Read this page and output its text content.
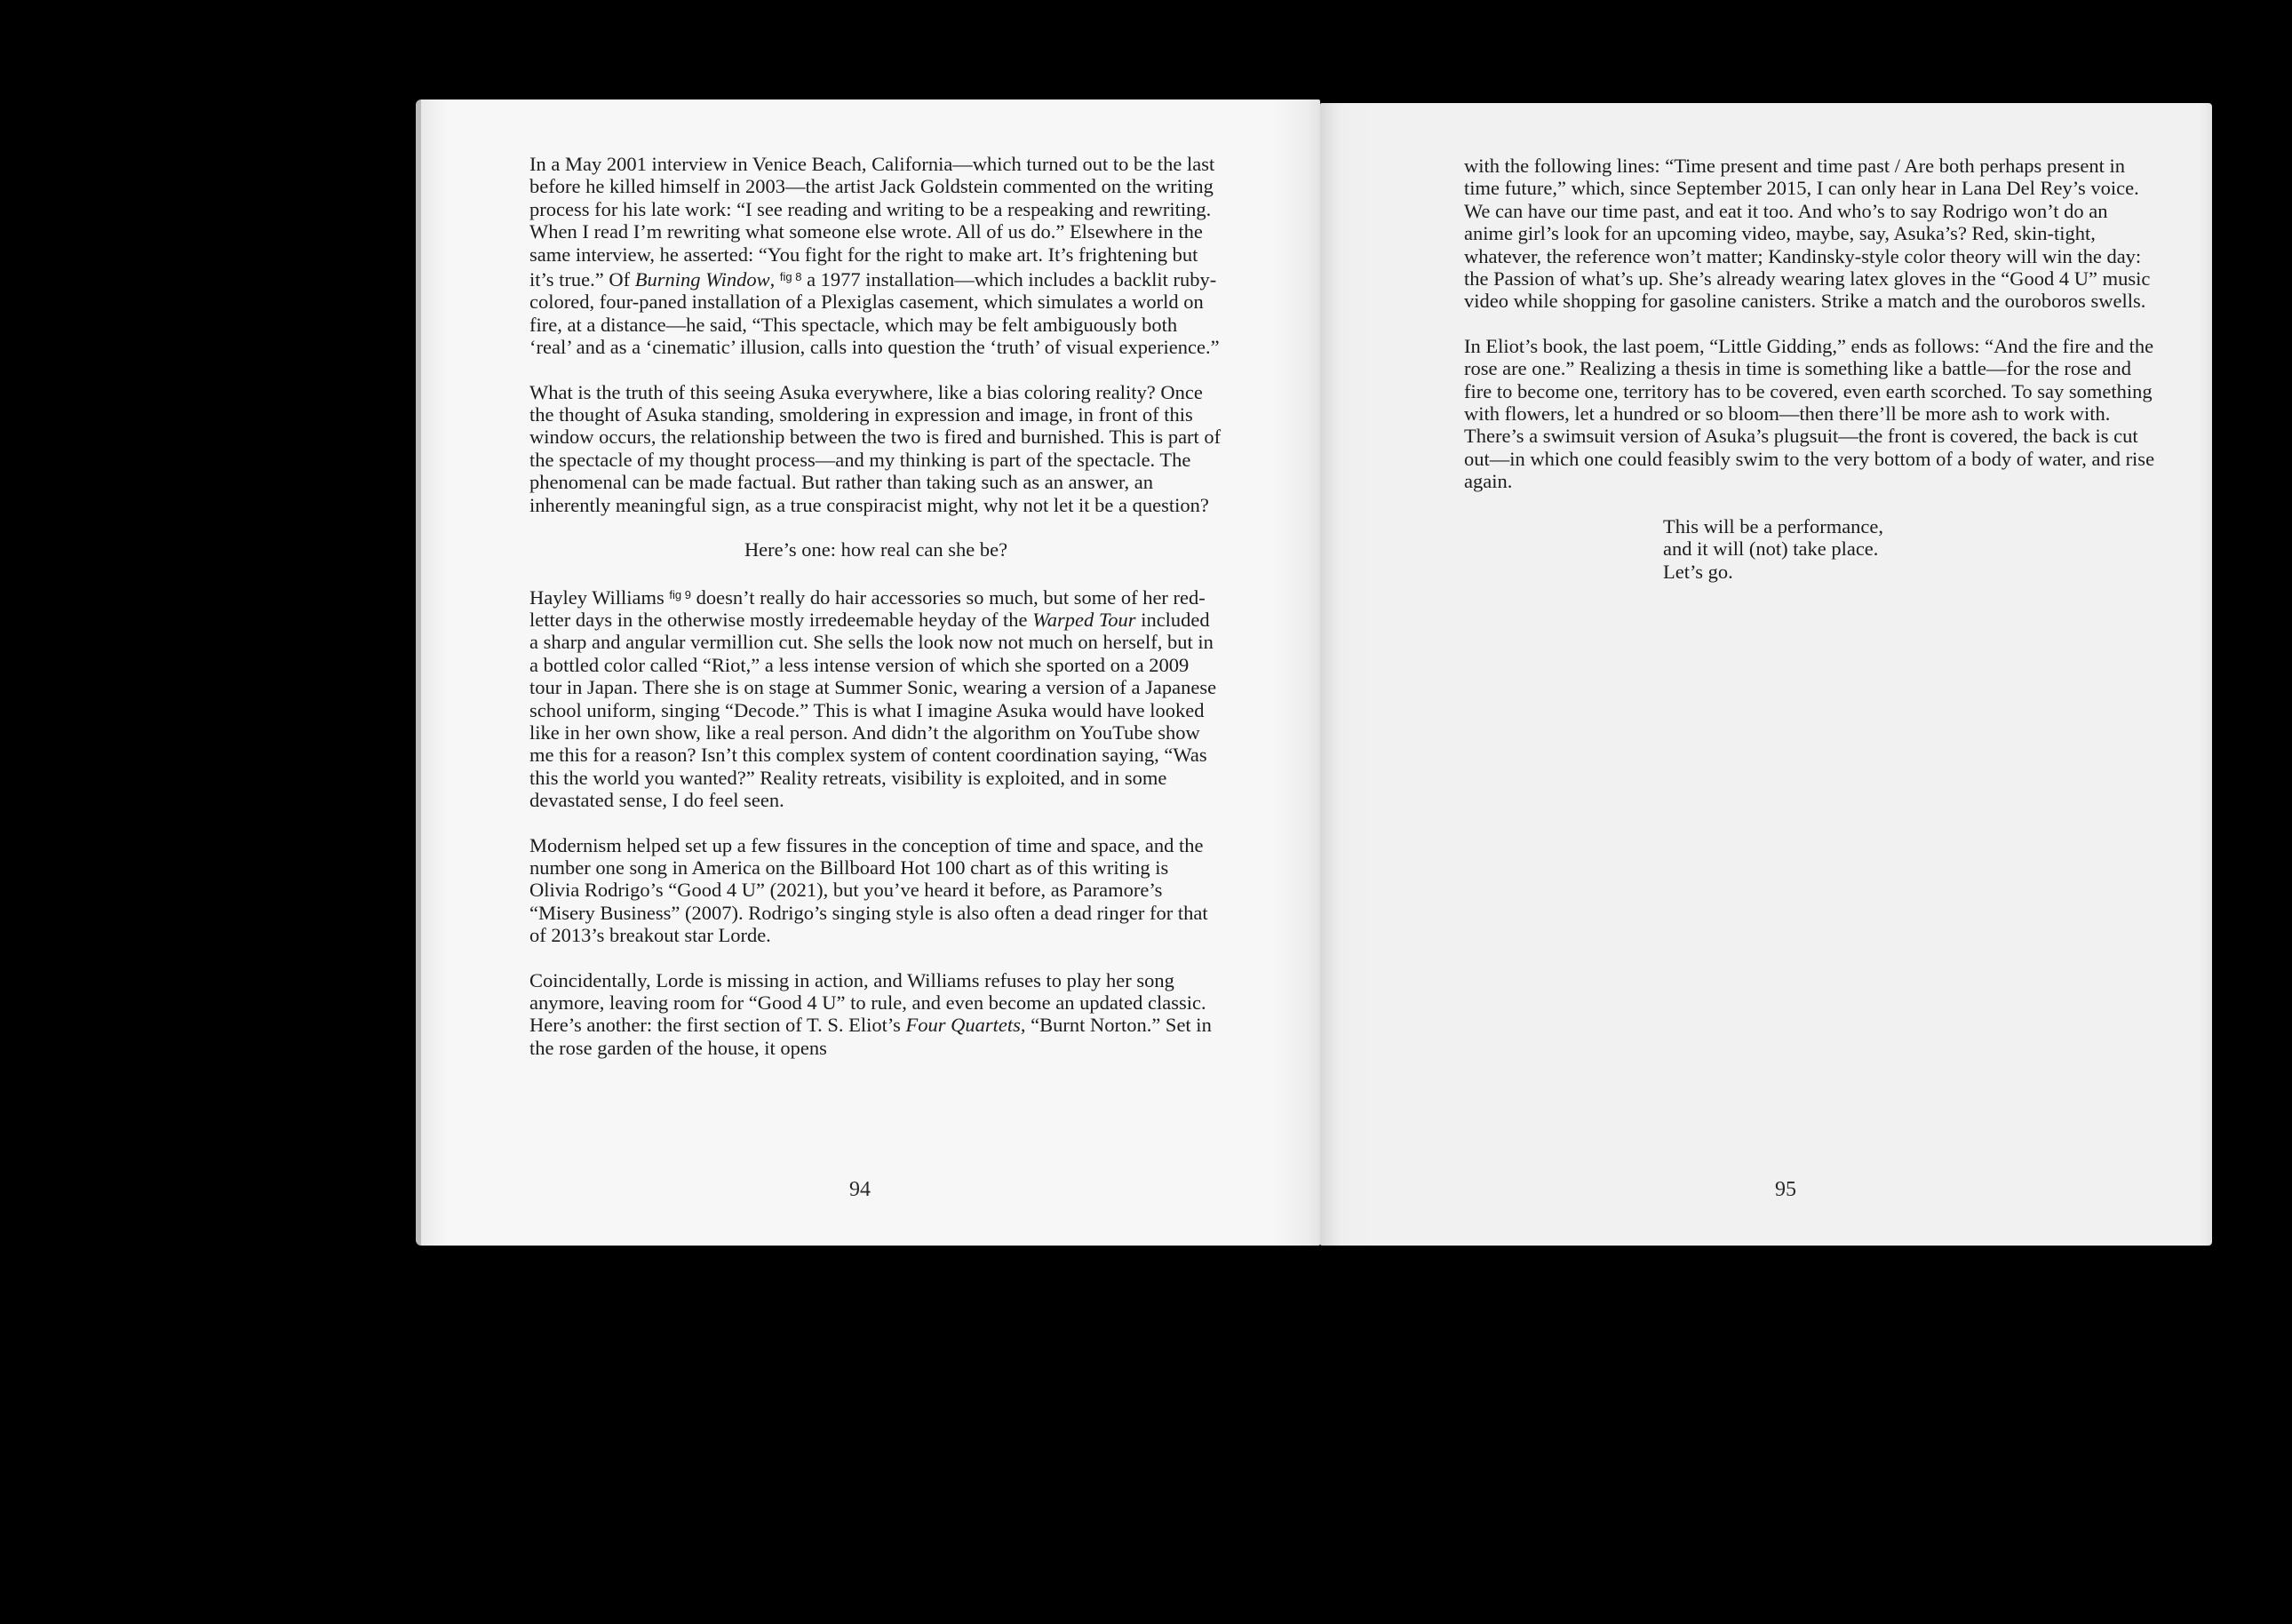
In a May 2001 interview in Venice Beach, California—which turned out to be the last before he killed himself in 2003—the artist Jack Goldstein commented on the writing process for his late work: “I see reading and writing to be a respeaking and rewriting. When I read I’m rewriting what someone else wrote. All of us do.” Elsewhere in the same interview, he asserted: “You fight for the right to make art. It’s frightening but it’s true.” Of Burning Window, $^{fig 8}$ a 1977 installation—which includes a backlit ruby-colored, four-paned installation of a Plexiglas casement, which simulates a world on fire, at a distance—he said, “This spectacle, which may be felt ambiguously both ‘real’ and as a ‘cinematic’ illusion, calls into question the ‘truth’ of visual experience.”

What is the truth of this seeing Asuka everywhere, like a bias coloring reality? Once the thought of Asuka standing, smoldering in expression and image, in front of this window occurs, the relationship between the two is fired and burnished. This is part of the spectacle of my thought process—and my thinking is part of the spectacle. The phenomenal can be made factual. But rather than taking such as an answer, an inherently meaningful sign, as a true conspiracist might, why not let it be a question?

Here’s one: how real can she be?

Hayley Williams $^{fig 9}$ doesn’t really do hair accessories so much, but some of her red-letter days in the otherwise mostly irredeemable heyday of the Warped Tour included a sharp and angular vermillion cut. She sells the look now not much on herself, but in a bottled color called “Riot,” a less intense version of which she sported on a 2009 tour in Japan. There she is on stage at Summer Sonic, wearing a version of a Japanese school uniform, singing “Decode.” This is what I imagine Asuka would have looked like in her own show, like a real person. And didn’t the algorithm on YouTube show me this for a reason? Isn’t this complex system of content coordination saying, “Was this the world you wanted?” Reality retreats, visibility is exploited, and in some devastated sense, I do feel seen.

Modernism helped set up a few fissures in the conception of time and space, and the number one song in America on the Billboard Hot 100 chart as of this writing is Olivia Rodrigo’s “Good 4 U” (2021), but you’ve heard it before, as Paramore’s “Misery Business” (2007). Rodrigo’s singing style is also often a dead ringer for that of 2013’s breakout star Lorde.

Coincidentally, Lorde is missing in action, and Williams refuses to play her song anymore, leaving room for “Good 4 U” to rule, and even become an updated classic. Here’s another: the first section of T. S. Eliot’s Four Quartets, “Burnt Norton.” Set in the rose garden of the house, it opens

94

with the following lines: “Time present and time past / Are both perhaps present in time future,” which, since September 2015, I can only hear in Lana Del Rey’s voice. We can have our time past, and eat it too. And who’s to say Rodrigo won’t do an anime girl’s look for an upcoming video, maybe, say, Asuka’s? Red, skin-tight, whatever, the reference won’t matter; Kandinsky-style color theory will win the day: the Passion of what’s up. She’s already wearing latex gloves in the “Good 4 U” music video while shopping for gasoline canisters. Strike a match and the ouroboros swells.

In Eliot’s book, the last poem, “Little Gidding,” ends as follows: “And the fire and the rose are one.” Realizing a thesis in time is something like a battle—for the rose and fire to become one, territory has to be covered, even earth scorched. To say something with flowers, let a hundred or so bloom—then there’ll be more ash to work with. There’s a swimsuit version of Asuka’s plugsuit—the front is covered, the back is cut out—in which one could feasibly swim to the very bottom of a body of water, and rise again.

This will be a performance,
and it will (not) take place.
Let’s go.
95
